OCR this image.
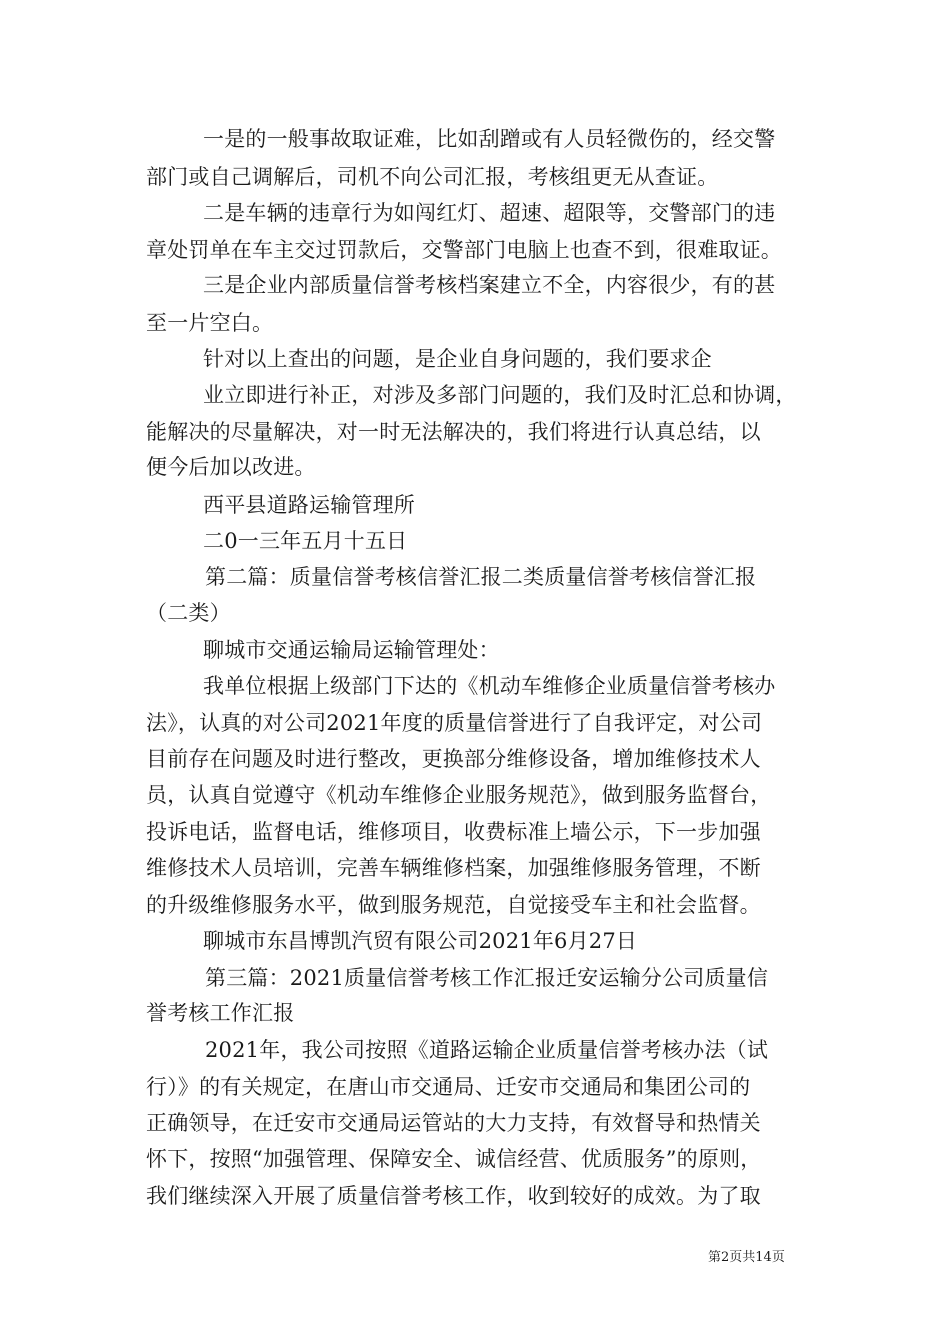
一是的一般事故取证难，比如刮蹭或有人员轻微伤的，经交警
部门或自己调解后，司机不向公司汇报，考核组更无从查证。
二是车辆的违章行为如闯红灯、超速、超限等，交警部门的违
章处罚单在车主交过罚款后，交警部门电脑上也查不到，很难取证。
三是企业内部质量信誉考核档案建立不全，内容很少，有的甚
至一片空白。
针对以上查出的问题，是企业自身问题的，我们要求企
业立即进行补正，对涉及多部门问题的，我们及时汇总和协调，
能解决的尽量解决，对一时无法解决的，我们将进行认真总结，以
便今后加以改进。
西平县道路运输管理所
二0一三年五月十五日
第二篇：质量信誉考核信誉汇报二类质量信誉考核信誉汇报
（二类）
聊城市交通运输局运输管理处：
我单位根据上级部门下达的《机动车维修企业质量信誉考核办
法》，认真的对公司2021年度的质量信誉进行了自我评定，对公司
目前存在问题及时进行整改，更换部分维修设备，增加维修技术人
员，认真自觉遵守《机动车维修企业服务规范》，做到服务监督台，
投诉电话，监督电话，维修项目，收费标准上墙公示，下一步加强
维修技术人员培训，完善车辆维修档案，加强维修服务管理，不断
的升级维修服务水平，做到服务规范，自觉接受车主和社会监督。
聊城市东昌博凯汽贸有限公司2021年6月27日
第三篇：2021质量信誉考核工作汇报迁安运输分公司质量信
誉考核工作汇报
2021年，我公司按照《道路运输企业质量信誉考核办法（试
行）》的有关规定，在唐山市交通局、迁安市交通局和集团公司的
正确领导，在迁安市交通局运管站的大力支持，有效督导和热情关
怀下，按照“加强管理、保障安全、诚信经营、优质服务”的原则，
我们继续深入开展了质量信誉考核工作，收到较好的成效。为了取
第2页共14页
